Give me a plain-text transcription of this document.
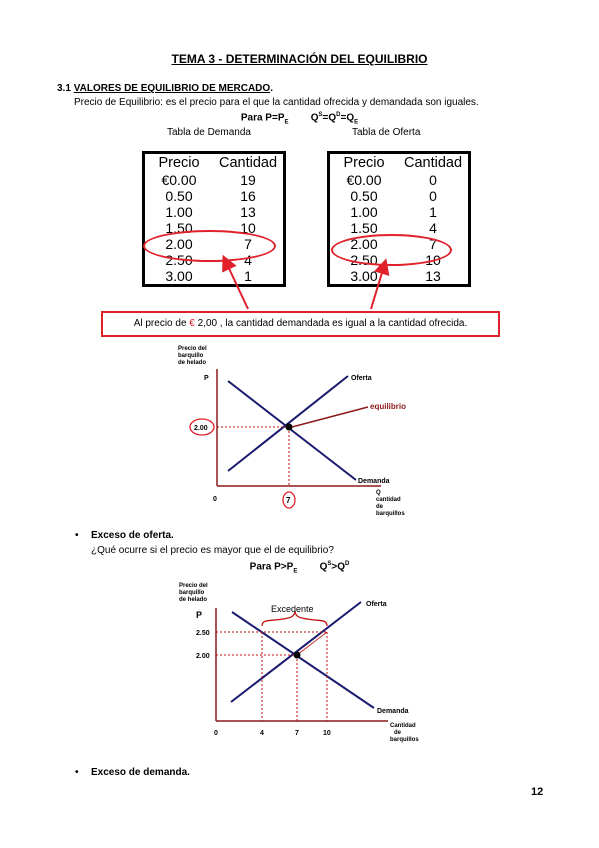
TEMA 3 - DETERMINACIÓN DEL EQUILIBRIO
3.1 VALORES DE EQUILIBRIO DE MERCADO.
Precio de Equilibrio: es el precio para el que la cantidad ofrecida y demandada son iguales.
Para $P=P_E$ $Q^S=Q^D=Q_E$
Tabla de Demanda	Tabla de Oferta
Precio	Cantidad
€0.00	19
0.50	16
1.00	13
1.50	10
2.00	7
2.50	4
3.00	1
Precio	Cantidad
€0.00	0
0.50	0
1.00	1
1.50	4
2.00	7
2.50	10
3.00	13
Al precio de € 2,00 , la cantidad demandada es igual a la cantidad ofrecida.
Precio del
barquillo
de helado
P
0
Oferta
Demanda
equilibrio
2.00
7
Q
cantidad
de
barquillos
• Exceso de oferta.
¿Qué ocurre si el precio es mayor que el de equilibrio?
Para $P>P_E$ $Q^S>Q^D$
Precio del
barquillo
de helado
P
0
Oferta
Demanda
Excedente
2.50
2.00
4	7	10
Cantidad
de
barquillos
• Exceso de demanda.
12
